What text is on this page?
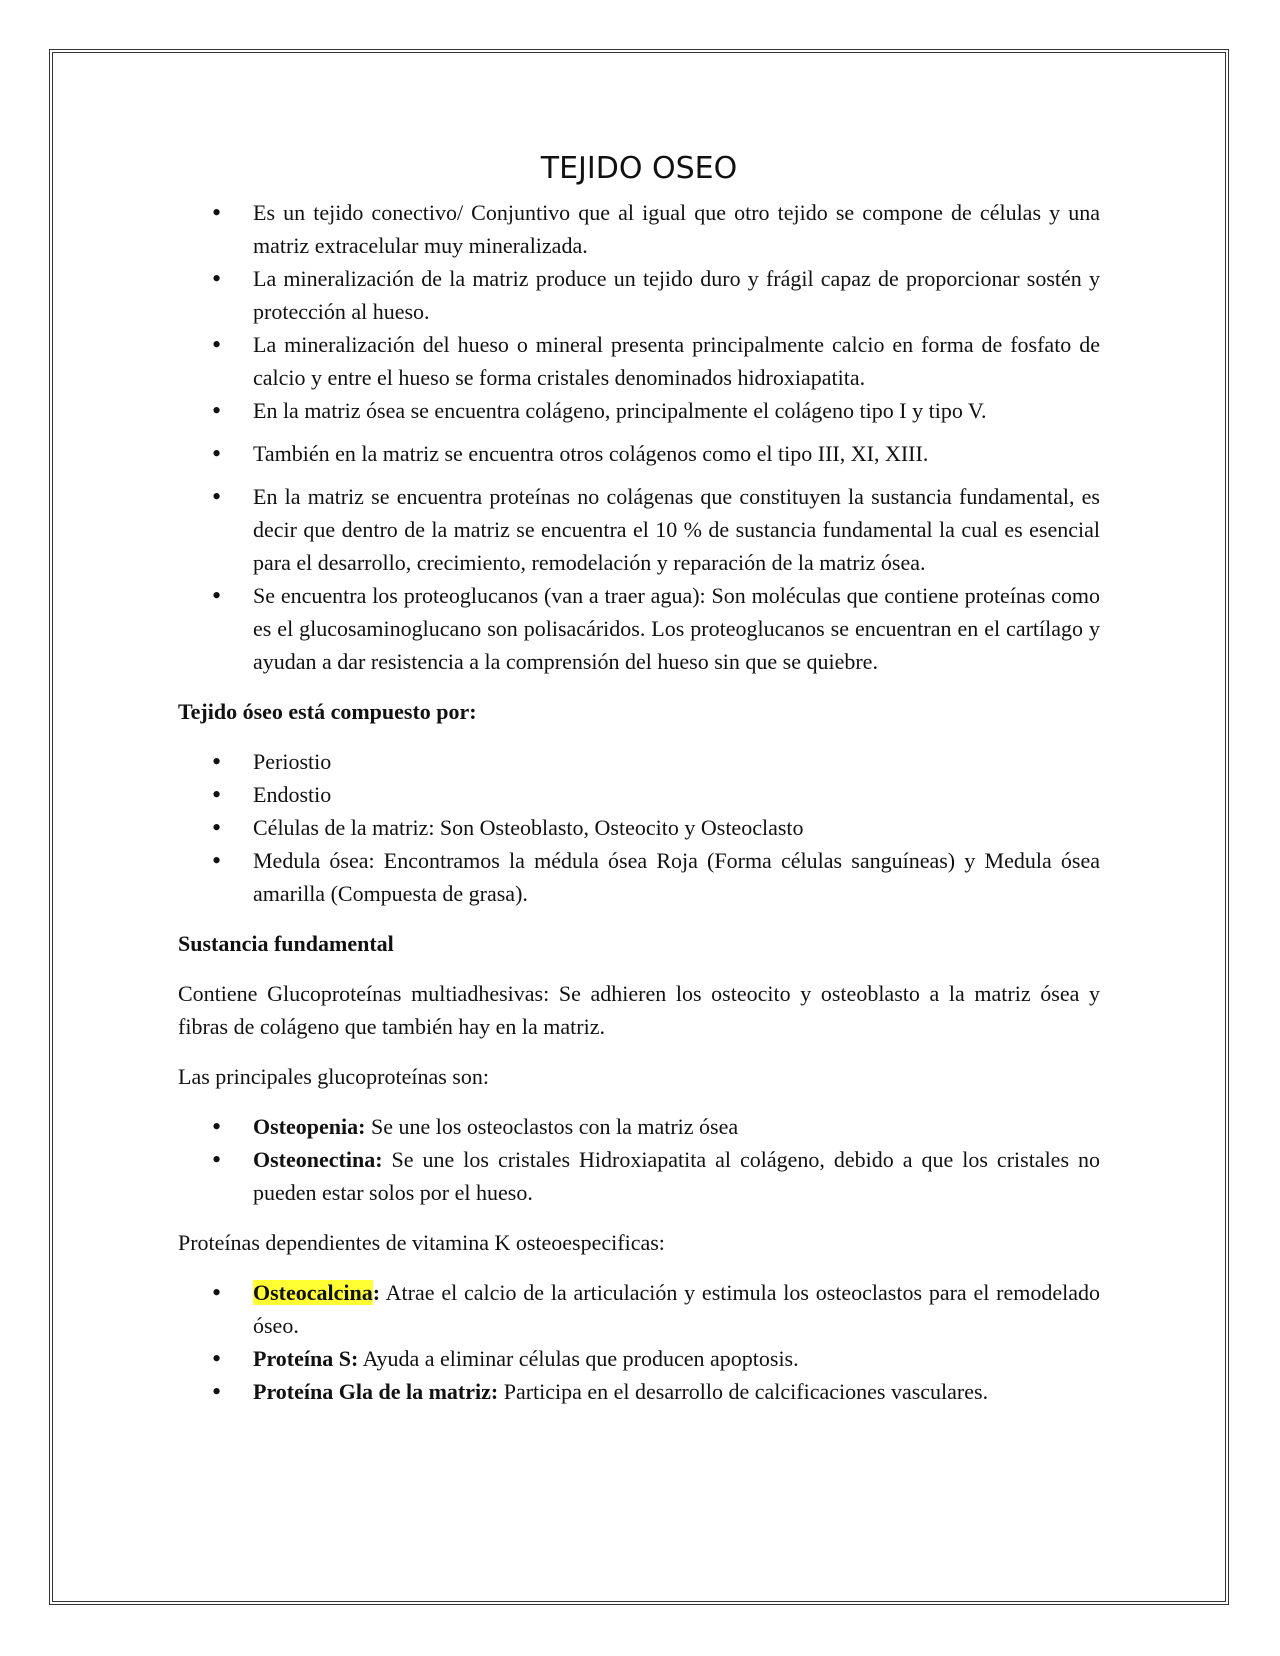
TEJIDO OSEO
• Es un tejido conectivo/ Conjuntivo que al igual que otro tejido se compone de células y una matriz extracelular muy mineralizada.
• La mineralización de la matriz produce un tejido duro y frágil capaz de proporcionar sostén y protección al hueso.
• La mineralización del hueso o mineral presenta principalmente calcio en forma de fosfato de calcio y entre el hueso se forma cristales denominados hidroxiapatita.
• En la matriz ósea se encuentra colágeno, principalmente el colágeno tipo I y tipo V.
• También en la matriz se encuentra otros colágenos como el tipo III, XI, XIII.
• En la matriz se encuentra proteínas no colágenas que constituyen la sustancia fundamental, es decir que dentro de la matriz se encuentra el 10 % de sustancia fundamental la cual es esencial para el desarrollo, crecimiento, remodelación y reparación de la matriz ósea.
• Se encuentra los proteoglucanos (van a traer agua): Son moléculas que contiene proteínas como es el glucosaminoglucano son polisacáridos. Los proteoglucanos se encuentran en el cartílago y ayudan a dar resistencia a la comprensión del hueso sin que se quiebre.

Tejido óseo está compuesto por:

• Periostio
• Endostio
• Células de la matriz: Son Osteoblasto, Osteocito y Osteoclasto
• Medula ósea: Encontramos la médula ósea Roja (Forma células sanguíneas) y Medula ósea amarilla (Compuesta de grasa).

Sustancia fundamental

Contiene Glucoproteínas multiadhesivas: Se adhieren los osteocito y osteoblasto a la matriz ósea y fibras de colágeno que también hay en la matriz.

Las principales glucoproteínas son:

• Osteopenia: Se une los osteoclastos con la matriz ósea
• Osteonectina: Se une los cristales Hidroxiapatita al colágeno, debido a que los cristales no pueden estar solos por el hueso.

Proteínas dependientes de vitamina K osteoespecificas:

• Osteocalcina: Atrae el calcio de la articulación y estimula los osteoclastos para el remodelado óseo.
• Proteína S: Ayuda a eliminar células que producen apoptosis.
• Proteína Gla de la matriz: Participa en el desarrollo de calcificaciones vasculares.
